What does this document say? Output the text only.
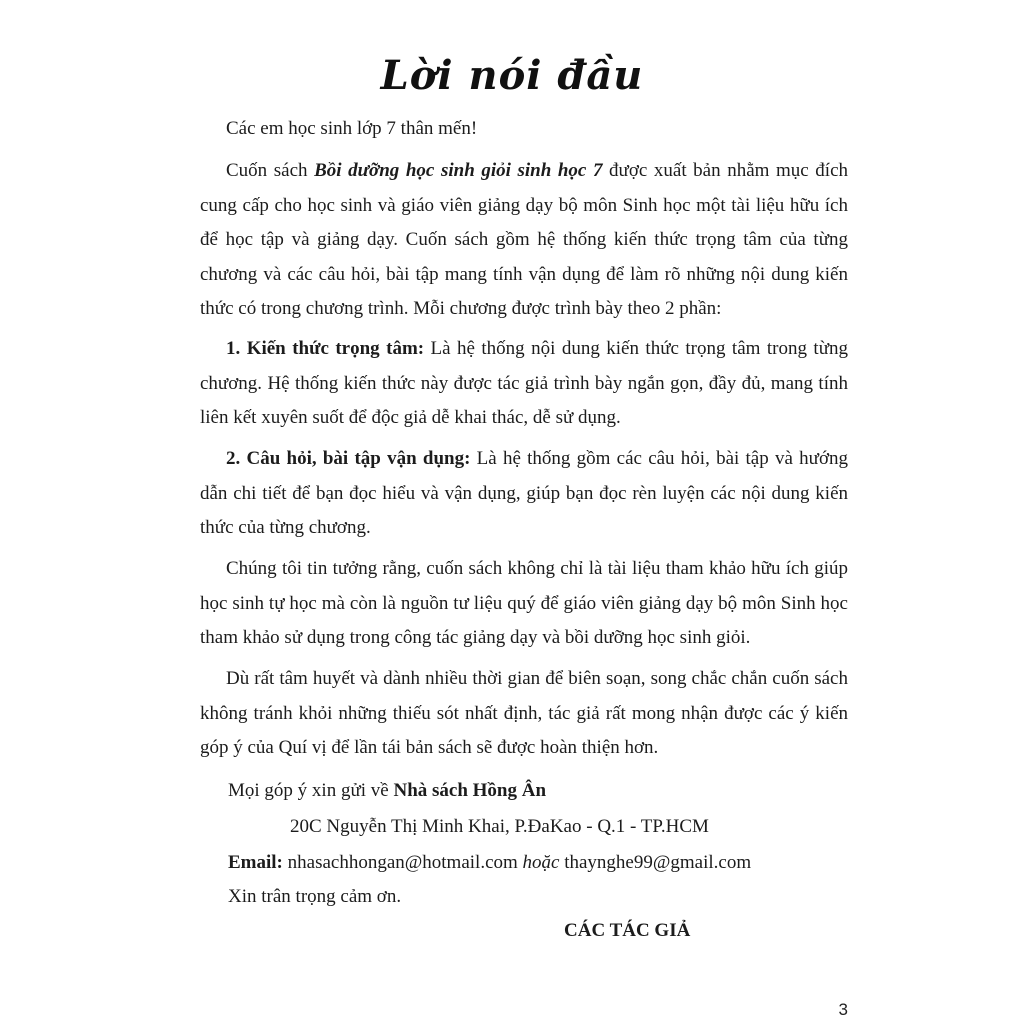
Lời nói đầu
Các em học sinh lớp 7 thân mến!
Cuốn sách Bồi dưỡng học sinh giỏi sinh học 7 được xuất bản nhằm mục đích cung cấp cho học sinh và giáo viên giảng dạy bộ môn Sinh học một tài liệu hữu ích để học tập và giảng dạy. Cuốn sách gồm hệ thống kiến thức trọng tâm của từng chương và các câu hỏi, bài tập mang tính vận dụng để làm rõ những nội dung kiến thức có trong chương trình. Mỗi chương được trình bày theo 2 phần:
1. Kiến thức trọng tâm: Là hệ thống nội dung kiến thức trọng tâm trong từng chương. Hệ thống kiến thức này được tác giả trình bày ngắn gọn, đầy đủ, mang tính liên kết xuyên suốt để độc giả dễ khai thác, dễ sử dụng.
2. Câu hỏi, bài tập vận dụng: Là hệ thống gồm các câu hỏi, bài tập và hướng dẫn chi tiết để bạn đọc hiểu và vận dụng, giúp bạn đọc rèn luyện các nội dung kiến thức của từng chương.
Chúng tôi tin tưởng rằng, cuốn sách không chỉ là tài liệu tham khảo hữu ích giúp học sinh tự học mà còn là nguồn tư liệu quý để giáo viên giảng dạy bộ môn Sinh học tham khảo sử dụng trong công tác giảng dạy và bồi dưỡng học sinh giỏi.
Dù rất tâm huyết và dành nhiều thời gian để biên soạn, song chắc chắn cuốn sách không tránh khỏi những thiếu sót nhất định, tác giả rất mong nhận được các ý kiến góp ý của Quí vị để lần tái bản sách sẽ được hoàn thiện hơn.
Mọi góp ý xin gửi về Nhà sách Hồng Ân
20C Nguyễn Thị Minh Khai, P.ĐaKao - Q.1 - TP.HCM
Email: nhasachhongan@hotmail.com hoặc thaynghe99@gmail.com
Xin trân trọng cảm ơn.
CÁC TÁC GIẢ
3
